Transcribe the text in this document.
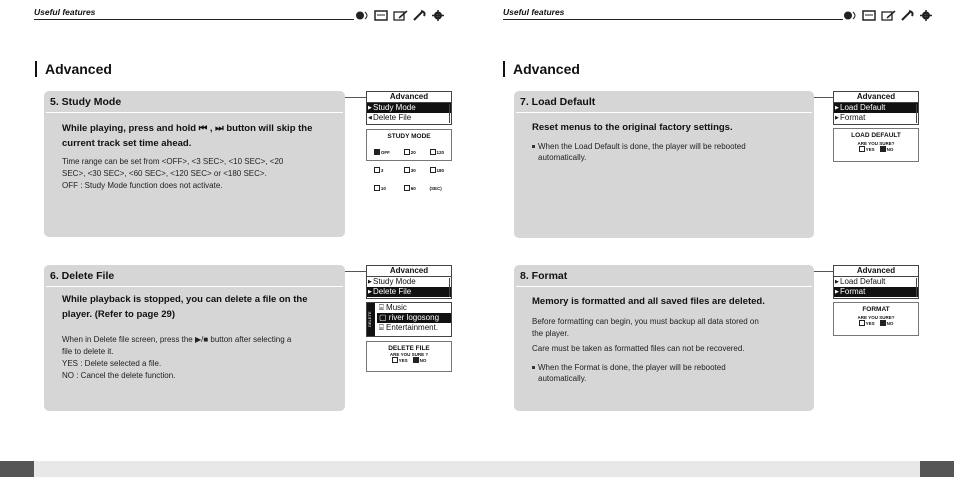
Useful features
Advanced
5. Study Mode
While playing, press and hold ⏮ , ⏭ button will skip the
current track set time ahead.
Time range can be set from <OFF>, <3 SEC>, <10 SEC>, <20
SEC>, <30 SEC>, <60 SEC>, <120 SEC> or <180 SEC>.
OFF : Study Mode function does not activate.
Advanced
▶ Study Mode
◀ Delete File
STUDY MODE
OFF
3
10
20
30
60
120
180
(SEC)
6. Delete File
While playback is stopped, you can delete a file on the
player. (Refer to page 29)
When in Delete file screen, press the ▶/■ button after selecting a
file to delete it.
YES : Delete selected a file.
NO : Cancel the delete function.
Advanced
▶ Study Mode
▶ Delete File
DELETE
⌸ Music
▢ river logosong
⌸ Entertainment.
DELETE FILE
ARE YOU SURE ?
YES	NO
Useful features
Advanced
7. Load Default
Reset menus to the original factory settings.
When the Load Default is done, the player will be rebooted
automatically.
Advanced
▶ Load Default
▶ Format
LOAD DEFAULT
ARE YOU SURE?
YES	NO
8. Format
Memory is formatted and all saved files are deleted.
Before formatting can begin, you must backup all data stored on
the player.
Care must be taken as formatted files can not be recovered.
When the Format is done, the player will be rebooted
automatically.
Advanced
▶ Load Default
▶ Format
FORMAT
ARE YOU SURE?
YES	NO
